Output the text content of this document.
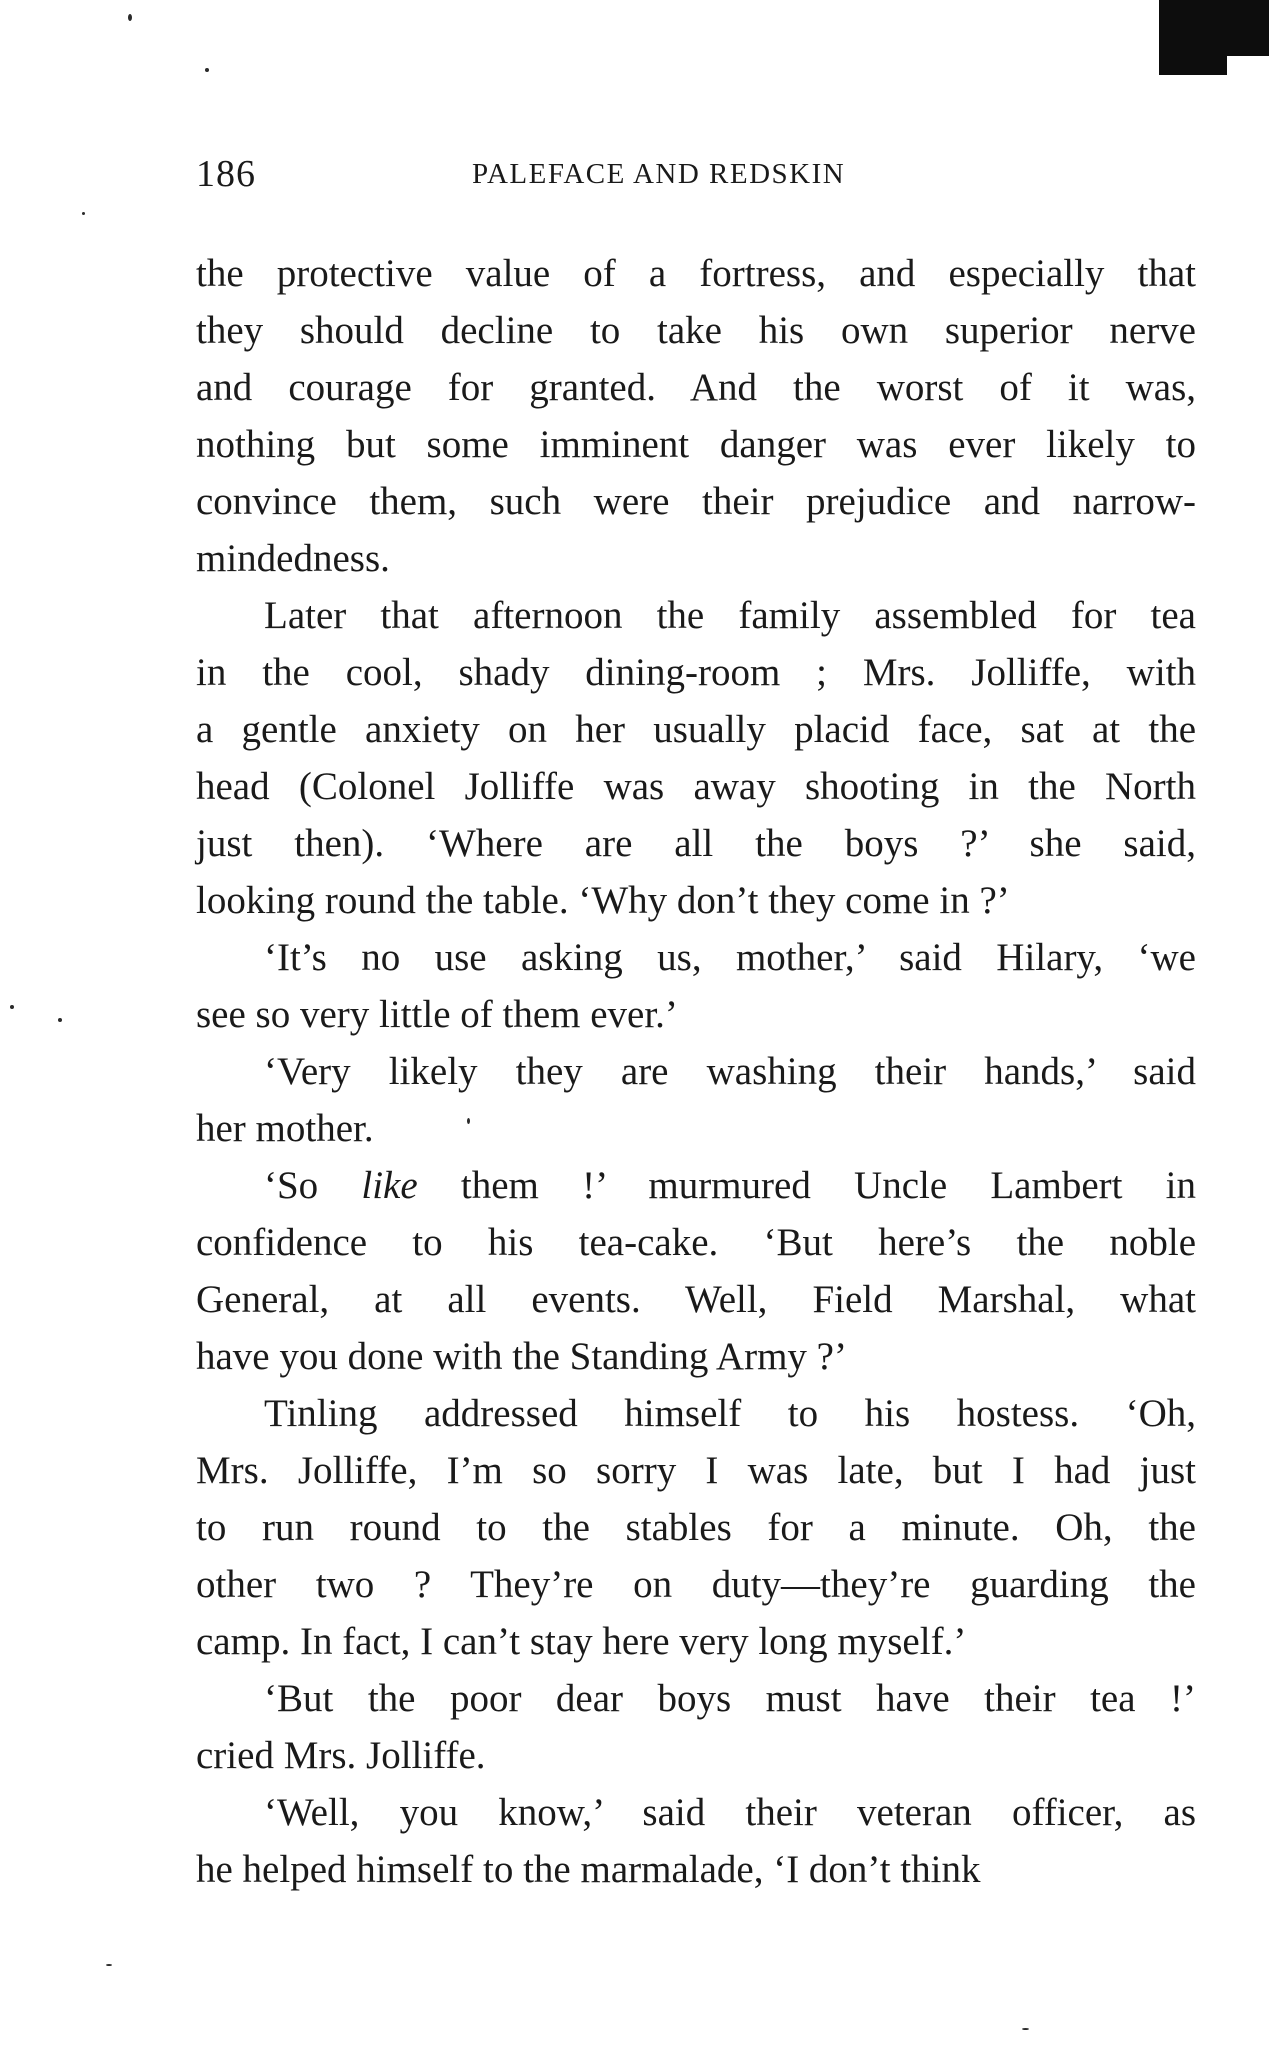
186	PALEFACE AND REDSKIN
the protective value of a fortress, and especially that
they should decline to take his own superior nerve
and courage for granted. And the worst of it was,
nothing but some imminent danger was ever likely to
convince them, such were their prejudice and narrow-
mindedness.
Later that afternoon the family assembled for tea
in the cool, shady dining-room ; Mrs. Jolliffe, with
a gentle anxiety on her usually placid face, sat at the
head (Colonel Jolliffe was away shooting in the North
just then). ‘Where are all the boys ?’ she said,
looking round the table. ‘Why don’t they come in ?’
‘It’s no use asking us, mother,’ said Hilary, ‘we
see so very little of them ever.’
‘Very likely they are washing their hands,’ said
her mother.
‘So like them !’ murmured Uncle Lambert in
confidence to his tea-cake. ‘But here’s the noble
General, at all events. Well, Field Marshal, what
have you done with the Standing Army ?’
Tinling addressed himself to his hostess. ‘Oh,
Mrs. Jolliffe, I’m so sorry I was late, but I had just
to run round to the stables for a minute. Oh, the
other two ? They’re on duty—they’re guarding the
camp. In fact, I can’t stay here very long myself.’
‘But the poor dear boys must have their tea !’
cried Mrs. Jolliffe.
‘Well, you know,’ said their veteran officer, as
he helped himself to the marmalade, ‘I don’t think
